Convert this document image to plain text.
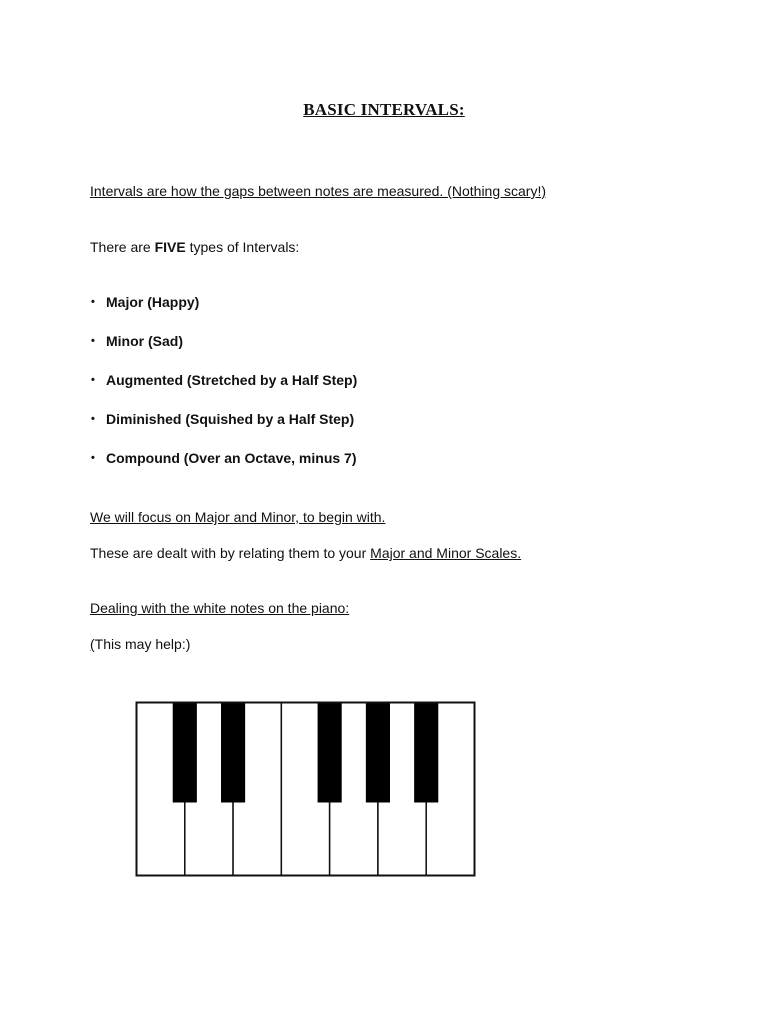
BASIC INTERVALS:
Intervals are how the gaps between notes are measured. (Nothing scary!)
There are FIVE types of Intervals:
• Major (Happy)
• Minor (Sad)
• Augmented (Stretched by a Half Step)
• Diminished (Squished by a Half Step)
• Compound (Over an Octave, minus 7)
We will focus on Major and Minor, to begin with.
These are dealt with by relating them to your Major and Minor Scales.
Dealing with the white notes on the piano:
(This may help:)
